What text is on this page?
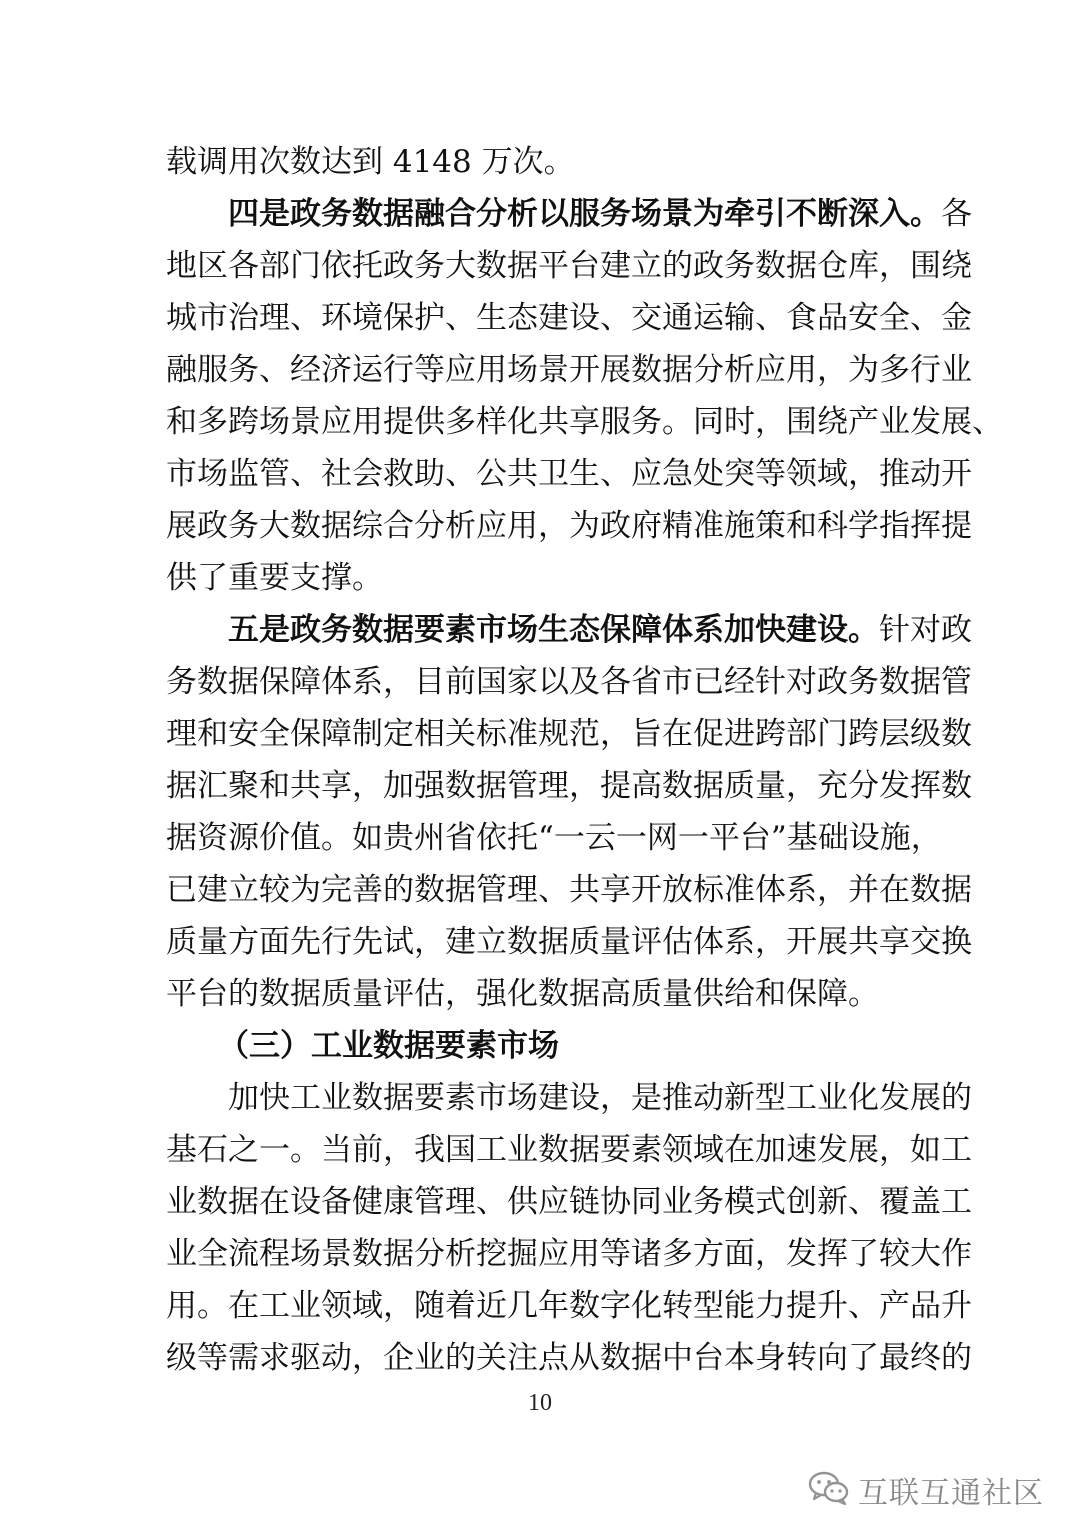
载调用次数达到 4148 万次。
四是政务数据融合分析以服务场景为牵引不断深入。各
地区各部门依托政务大数据平台建立的政务数据仓库，围绕
城市治理、环境保护、生态建设、交通运输、食品安全、金
融服务、经济运行等应用场景开展数据分析应用，为多行业
和多跨场景应用提供多样化共享服务。同时，围绕产业发展、
市场监管、社会救助、公共卫生、应急处突等领域，推动开
展政务大数据综合分析应用，为政府精准施策和科学指挥提
供了重要支撑。
五是政务数据要素市场生态保障体系加快建设。针对政
务数据保障体系，目前国家以及各省市已经针对政务数据管
理和安全保障制定相关标准规范，旨在促进跨部门跨层级数
据汇聚和共享，加强数据管理，提高数据质量，充分发挥数
据资源价值。如贵州省依托“一云一网一平台”基础设施，
已建立较为完善的数据管理、共享开放标准体系，并在数据
质量方面先行先试，建立数据质量评估体系，开展共享交换
平台的数据质量评估，强化数据高质量供给和保障。
（三）工业数据要素市场
加快工业数据要素市场建设，是推动新型工业化发展的
基石之一。当前，我国工业数据要素领域在加速发展，如工
业数据在设备健康管理、供应链协同业务模式创新、覆盖工
业全流程场景数据分析挖掘应用等诸多方面，发挥了较大作
用。在工业领域，随着近几年数字化转型能力提升、产品升
级等需求驱动，企业的关注点从数据中台本身转向了最终的
10
互联互通社区
